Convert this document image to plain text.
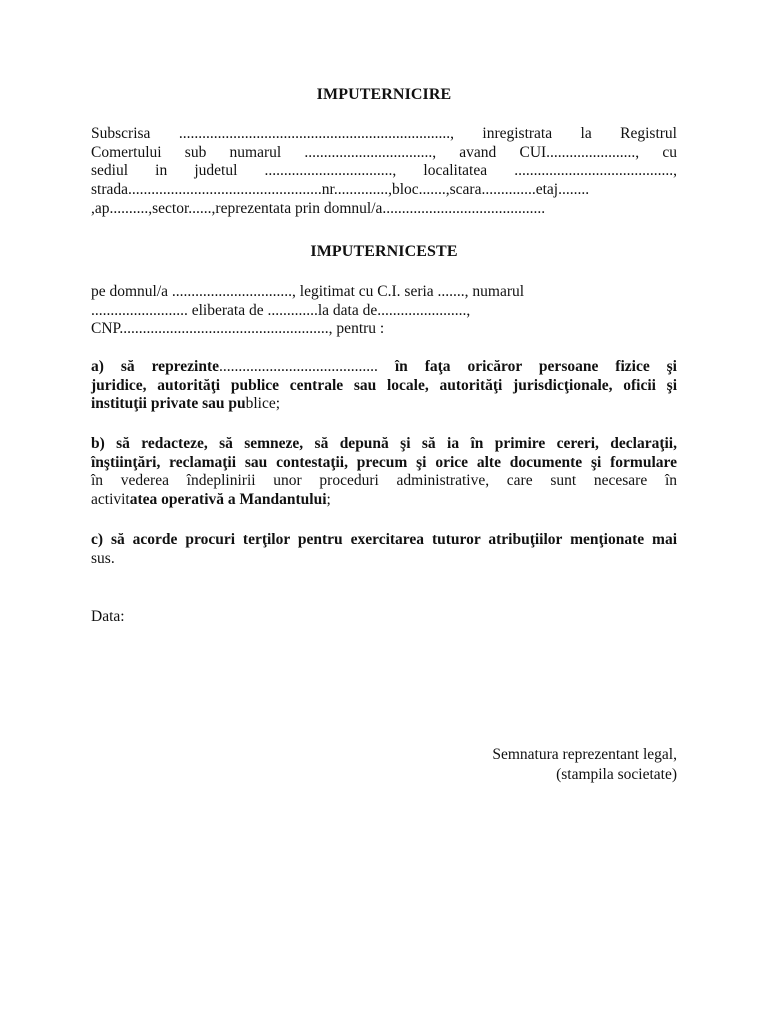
IMPUTERNICIRE
Subscrisa ......................................................................, inregistrata la Registrul
Comertului sub numarul ................................., avand CUI......................., cu
sediul in judetul ................................., localitatea .........................................,
strada..................................................nr..............,bloc.......,scara..............etaj........
,ap..........,sector......,reprezentata prin domnul/a..........................................
IMPUTERNICESTE
pe domnul/a ..............................., legitimat cu C.I. seria ......., numarul
......................... eliberata de .............la data de.......................,
CNP......................................................, pentru :
a) să reprezinte......................................... în faţa oricăror persoane fizice şi
juridice, autorităţi publice centrale sau locale, autorităţi jurisdicţionale, oficii şi
instituţii private sau publice;
b) să redacteze, să semneze, să depună şi să ia în primire cereri, declaraţii,
înştiinţări, reclamaţii sau contestaţii, precum şi orice alte documente şi formulare
în vederea îndeplinirii unor proceduri administrative, care sunt necesare în
activitatea operativă a Mandantului;
c) să acorde procuri terţilor pentru exercitarea tuturor atribuţiilor menţionate mai
sus.
Data:
Semnatura reprezentant legal,
(stampila societate)
